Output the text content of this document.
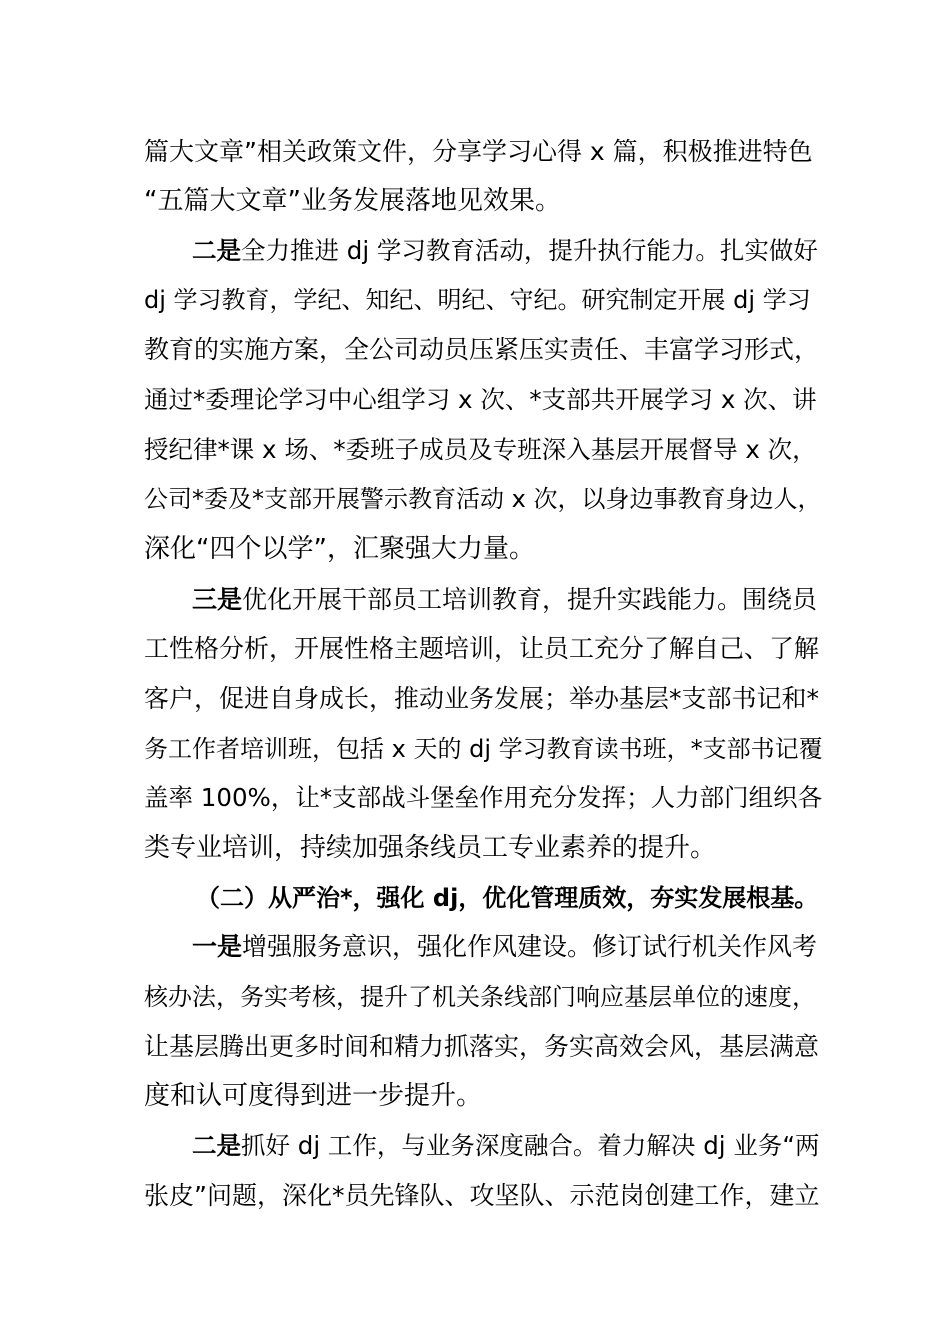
篇大文章”相关政策文件，分享学习心得 x 篇，积极推进特色
“五篇大文章”业务发展落地见效果。
二是全力推进 dj 学习教育活动，提升执行能力。扎实做好
dj 学习教育，学纪、知纪、明纪、守纪。研究制定开展 dj 学习
教育的实施方案，全公司动员压紧压实责任、丰富学习形式，
通过*委理论学习中心组学习 x 次、*支部共开展学习 x 次、讲
授纪律*课 x 场、*委班子成员及专班深入基层开展督导 x 次，
公司*委及*支部开展警示教育活动 x 次，以身边事教育身边人，
深化“四个以学”，汇聚强大力量。
三是优化开展干部员工培训教育，提升实践能力。围绕员
工性格分析，开展性格主题培训，让员工充分了解自己、了解
客户，促进自身成长，推动业务发展；举办基层*支部书记和*
务工作者培训班，包括 x 天的 dj 学习教育读书班，*支部书记覆
盖率 100%，让*支部战斗堡垒作用充分发挥；人力部门组织各
类专业培训，持续加强条线员工专业素养的提升。
（二）从严治*，强化 dj，优化管理质效，夯实发展根基。
一是增强服务意识，强化作风建设。修订试行机关作风考
核办法，务实考核，提升了机关条线部门响应基层单位的速度，
让基层腾出更多时间和精力抓落实，务实高效会风，基层满意
度和认可度得到进一步提升。
二是抓好 dj 工作，与业务深度融合。着力解决 dj 业务“两
张皮”问题，深化*员先锋队、攻坚队、示范岗创建工作，建立
